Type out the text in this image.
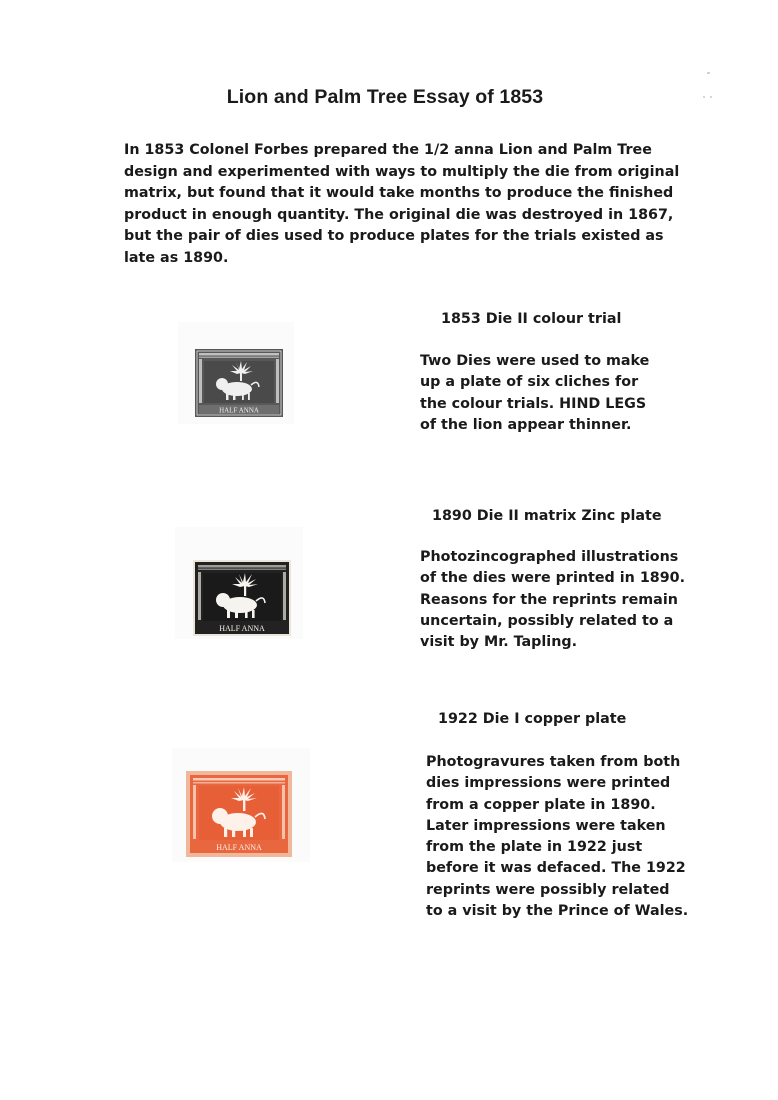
Lion and Palm Tree Essay of 1853
In 1853 Colonel Forbes prepared the 1/2 anna Lion and Palm Tree
design and experimented with ways to multiply the die from original
matrix, but found that it would take months to produce the finished
product in enough quantity. The original die was destroyed in 1867,
but the pair of dies used to produce plates for the trials existed as
late as 1890.
HALF ANNA
1853 Die II colour trial
Two Dies were used to make
up a plate of six cliches for
the colour trials. HIND LEGS
of the lion appear thinner.
HALF ANNA
1890 Die II matrix Zinc plate
Photozincographed illustrations
of the dies were printed in 1890.
Reasons for the reprints remain
uncertain, possibly related to a
visit by Mr. Tapling.
HALF ANNA
1922 Die I copper plate
Photogravures taken from both
dies impressions were printed
from a copper plate in 1890.
Later impressions were taken
from the plate in 1922 just
before it was defaced. The 1922
reprints were possibly related
to a visit by the Prince of Wales.
